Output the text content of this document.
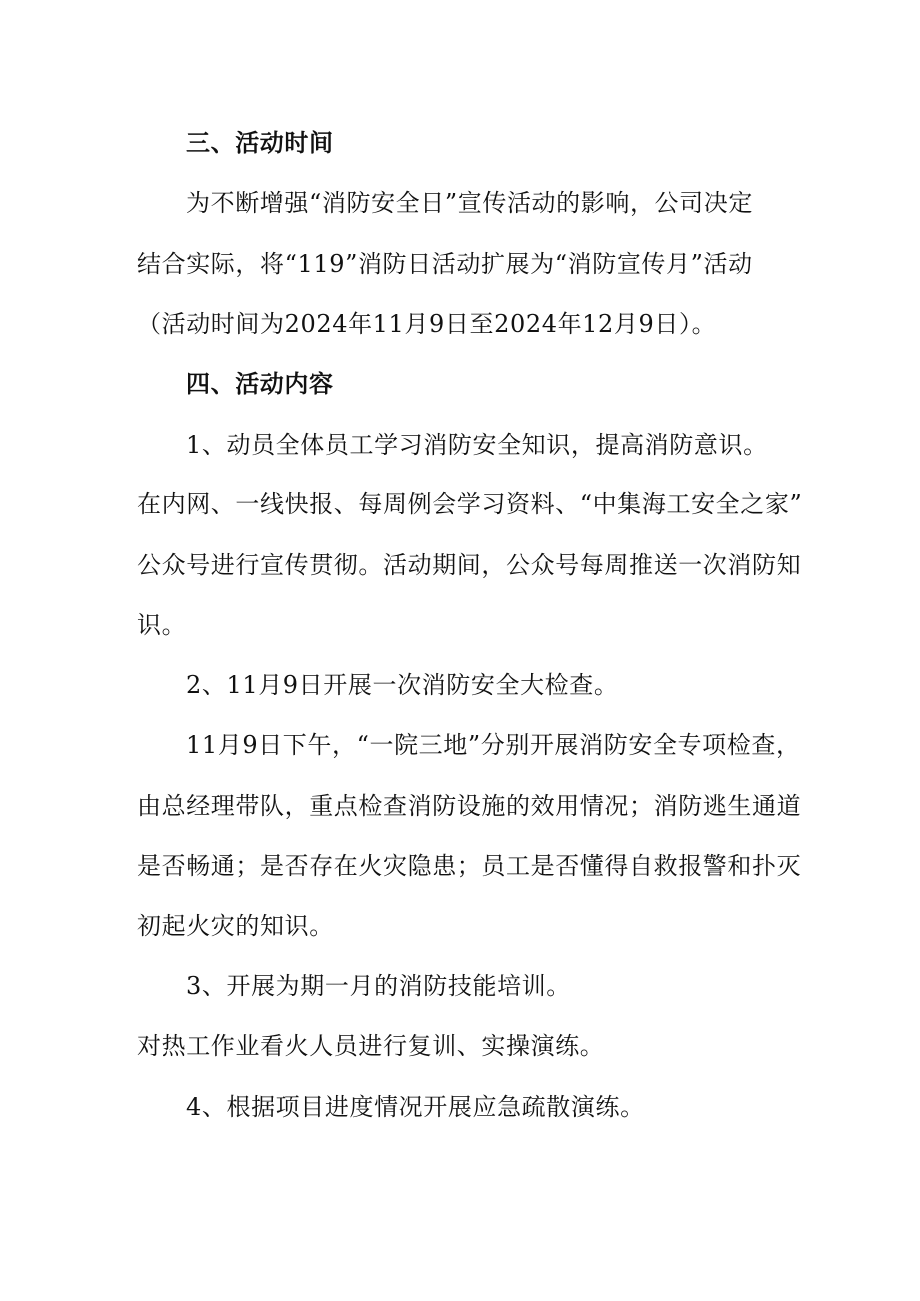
三、活动时间
为不断增强“消防安全日”宣传活动的影响，公司决定
结合实际，将“119”消防日活动扩展为“消防宣传月”活动
（活动时间为2024年11月9日至2024年12月9日）。
四、活动内容
1、动员全体员工学习消防安全知识，提高消防意识。
在内网、一线快报、每周例会学习资料、“中集海工安全之家”
公众号进行宣传贯彻。活动期间，公众号每周推送一次消防知
识。
2、11月9日开展一次消防安全大检查。
11月9日下午，“一院三地”分别开展消防安全专项检查，
由总经理带队，重点检查消防设施的效用情况；消防逃生通道
是否畅通；是否存在火灾隐患；员工是否懂得自救报警和扑灭
初起火灾的知识。
3、开展为期一月的消防技能培训。
对热工作业看火人员进行复训、实操演练。
4、根据项目进度情况开展应急疏散演练。
